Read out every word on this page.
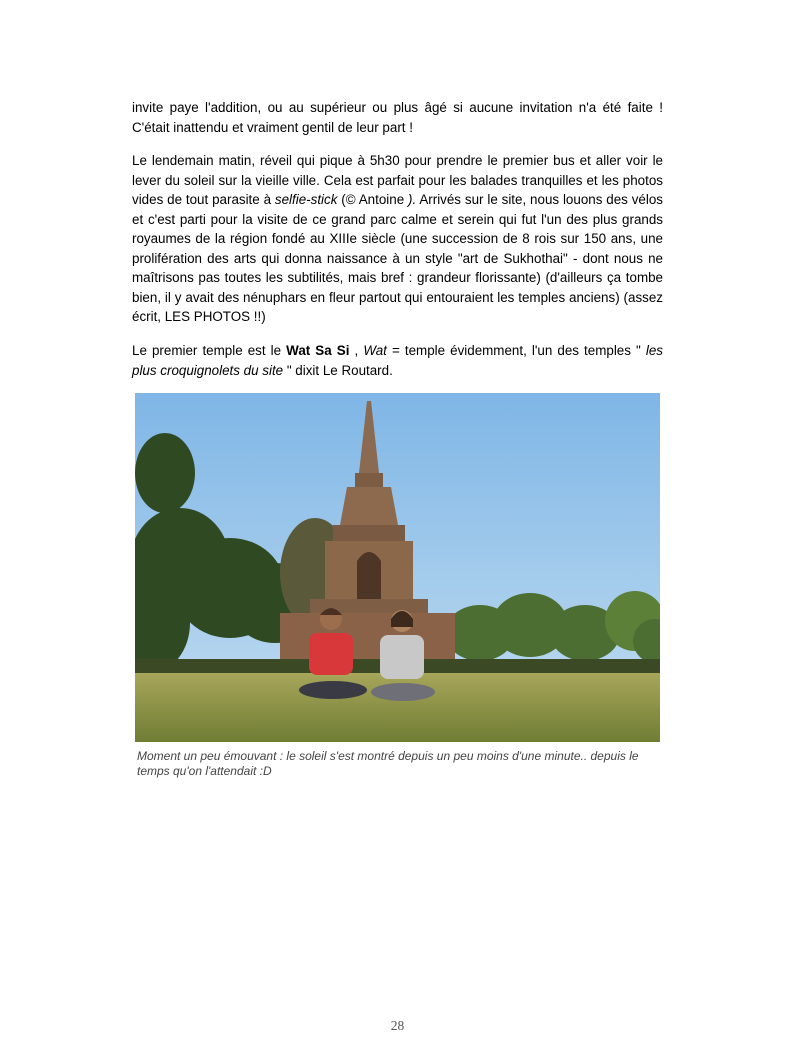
invite paye l'addition, ou au supérieur ou plus âgé si aucune invitation n'a été faite ! C'était inattendu et vraiment gentil de leur part !

Le lendemain matin, réveil qui pique à 5h30 pour prendre le premier bus et aller voir le lever du soleil sur la vieille ville. Cela est parfait pour les balades tranquilles et les photos vides de tout parasite à selfie-stick (© Antoine ). Arrivés sur le site, nous louons des vélos et c'est parti pour la visite de ce grand parc calme et serein qui fut l'un des plus grands royaumes de la région fondé au XIIIe siècle (une succession de 8 rois sur 150 ans, une prolifération des arts qui donna naissance à un style "art de Sukhothai" - dont nous ne maîtrisons pas toutes les subtilités, mais bref : grandeur florissante) (d'ailleurs ça tombe bien, il y avait des nénuphars en fleur partout qui entouraient les temples anciens) (assez écrit, LES PHOTOS !!)

Le premier temple est le Wat Sa Si , Wat = temple évidemment, l'un des temples " les plus croquignolets du site " dixit Le Routard.

Moment un peu émouvant : le soleil s'est montré depuis un peu moins d'une minute.. depuis le temps qu'on l'attendait :D

28
